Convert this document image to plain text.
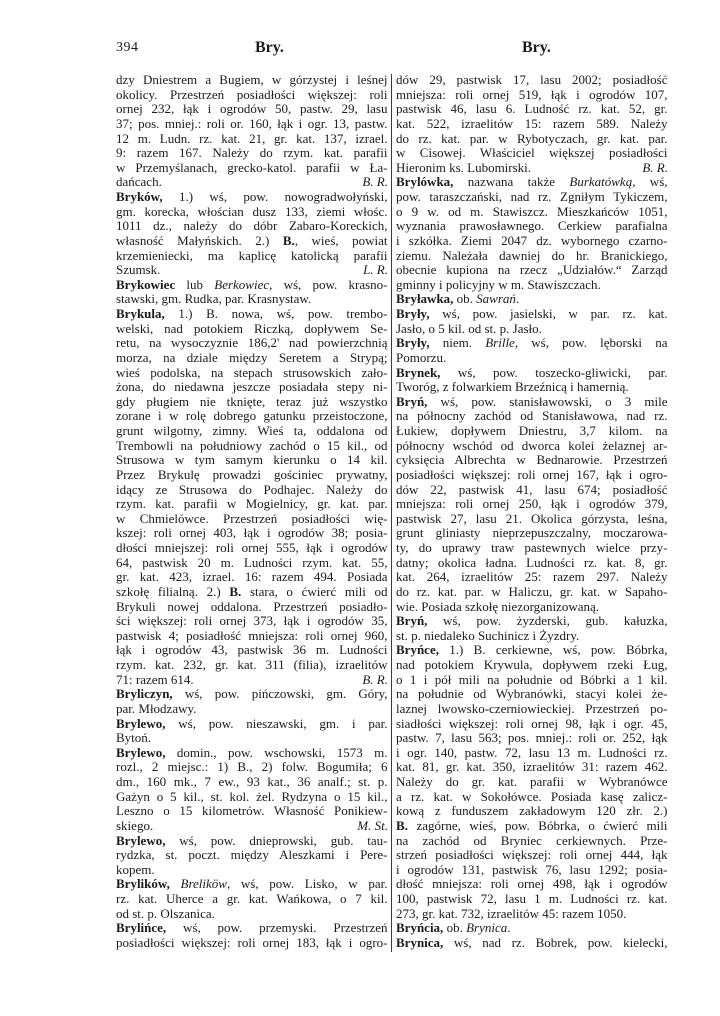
394	Bry.	Bry.
dzy Dniestrem a Bugiem, w górzystej i leśnej
okolicy. Przestrzeń posiadłości większej: roli
ornej 232, łąk i ogrodów 50, pastw. 29, lasu
37; pos. mniej.: roli or. 160, łąk i ogr. 13, pastw.
12 m. Ludn. rz. kat. 21, gr. kat. 137, izrael.
9: razem 167. Należy do rzym. kat. parafii
w Przemyślanach, grecko-katol. parafii w Ła-
dańcach.	B. R.
Bryków, 1.) wś, pow. nowogradwołyński,
gm. korecka, włościan dusz 133, ziemi włośc.
1011 dz., należy do dóbr Zabaro-Koreckich,
własność Małyńskich. 2.) B., wieś, powiat
krzemieniecki, ma kaplicę katolicką parafii
Szumsk.	L. R.
Brykowiec lub Berkowiec, wś, pow. krasno-
stawski, gm. Rudka, par. Krasnystaw.
Brykula, 1.) B. nowa, wś, pow. trembo-
welski, nad potokiem Riczką, dopływem Se-
retu, na wysoczyznie 186,2' nad powierzchnią
morza, na dziale między Seretem a Strypą;
wieś podolska, na stepach strusowskich zało-
żona, do niedawna jeszcze posiadała stepy ni-
gdy pługiem nie tknięte, teraz już wszystko
zorane i w rolę dobrego gatunku przeistoczone,
grunt wilgotny, zimny. Wieś ta, oddalona od
Trembowli na południowy zachód o 15 kil., od
Strusowa w tym samym kierunku o 14 kil.
Przez Brykulę prowadzi gościniec prywatny,
idący ze Strusowa do Podhajec. Należy do
rzym. kat. parafii w Mogielnicy, gr. kat. par.
w Chmielówce. Przestrzeń posiadłości wię-
kszej: roli ornej 403, łąk i ogrodów 38; posia-
dłości mniejszej: roli ornej 555, łąk i ogrodów
64, pastwisk 20 m. Ludności rzym. kat. 55,
gr. kat. 423, izrael. 16: razem 494. Posiada
szkołę filialną. 2.) B. stara, o ćwierć mili od
Brykuli nowej oddalona. Przestrzeń posiadło-
ści większej: roli ornej 373, łąk i ogrodów 35,
pastwisk 4; posiadłość mniejsza: roli ornej 960,
łąk i ogrodów 43, pastwisk 36 m. Ludności
rzym. kat. 232, gr. kat. 311 (filia), izraelitów
71: razem 614.	B. R.
Bryliczyn, wś, pow. pińczowski, gm. Góry,
par. Młodzawy.
Brylewo, wś, pow. nieszawski, gm. i par.
Bytoń.
Brylewo, domin., pow. wschowski, 1573 m.
rozl., 2 miejsc.: 1) B., 2) folw. Bogumiła; 6
dm., 160 mk., 7 ew., 93 kat., 36 analf.; st. p.
Gażyn o 5 kil., st. kol. żel. Rydzyna o 15 kil.,
Leszno o 15 kilometrów. Własność Ponikiew-
skiego.	M. St.
Brylewo, wś, pow. dnieprowski, gub. tau-
rydzka, st. poczt. między Aleszkami i Pere-
kopem.
Brylików, Breliköw, wś, pow. Lisko, w par.
rz. kat. Uherce a gr. kat. Wańkowa, o 7 kil.
od st. p. Olszanica.
Brylińce, wś, pow. przemyski. Przestrzeń
posiadłości większej: roli ornej 183, łąk i ogro-
dów 29, pastwisk 17, lasu 2002; posiadłość
mniejsza: roli ornej 519, łąk i ogrodów 107,
pastwisk 46, lasu 6. Ludność rz. kat. 52, gr.
kat. 522, izraelitów 15: razem 589. Należy
do rz. kat. par. w Rybotyczach, gr. kat. par.
w Cisowej. Właściciel większej posiadłości
Hieronim ks. Lubomirski.	B. R.
Brylówka, nazwana także Burkatówką, wś,
pow. taraszczański, nad rz. Zgniłym Tykiczem,
o 9 w. od m. Stawiszcz. Mieszkańców 1051,
wyznania prawosławnego. Cerkiew parafialna
i szkółka. Ziemi 2047 dz. wybornego czarno-
ziemu. Należała dawniej do hr. Branickiego,
obecnie kupiona na rzecz „Udziałów.“ Zarząd
gminny i policyjny w m. Stawiszczach.
Bryławka, ob. Sawrań.
Bryły, wś, pow. jasielski, w par. rz. kat.
Jasło, o 5 kil. od st. p. Jasło.
Bryły, niem. Brille, wś, pow. lęborski na
Pomorzu.
Brynek, wś, pow. toszecko-gliwicki, par.
Tworóg, z folwarkiem Brzeźnicą i hamernią.
Bryń, wś, pow. stanisławowski, o 3 mile
na północny zachód od Stanisławowa, nad rz.
Łukiew, dopływem Dniestru, 3,7 kilom. na
północny wschód od dworca kolei żelaznej ar-
cyksięcia Albrechta w Bednarowie. Przestrzeń
posiadłości większej: roli ornej 167, łąk i ogro-
dów 22, pastwisk 41, lasu 674; posiadłość
mniejsza: roli ornej 250, łąk i ogrodów 379,
pastwisk 27, lasu 21. Okolica górzysta, leśna,
grunt gliniasty nieprzepuszczalny, moczarowa-
ty, do uprawy traw pastewnych wielce przy-
datny; okolica ładna. Ludności rz. kat. 8, gr.
kat. 264, izraelitów 25: razem 297. Należy
do rz. kat. par. w Haliczu, gr. kat. w Sapaho-
wie. Posiada szkołę niezorganizowaną.
Bryń, wś, pow. żyzderski, gub. kałuzka,
st. p. niedaleko Suchinicz i Żyzdry.
Bryńce, 1.) B. cerkiewne, wś, pow. Bóbrka,
nad potokiem Krywula, dopływem rzeki Ług,
o 1 i pół mili na południe od Bóbrki a 1 kil.
na południe od Wybranówki, stacyi kolei że-
laznej lwowsko-czerniowieckiej. Przestrzeń po-
siadłości większej: roli ornej 98, łąk i ogr. 45,
pastw. 7, lasu 563; pos. mniej.: roli or. 252, łąk
i ogr. 140, pastw. 72, lasu 13 m. Ludności rz.
kat. 81, gr. kat. 350, izraelitów 31: razem 462.
Należy do gr. kat. parafii w Wybranówce
a rz. kat. w Sokołówce. Posiada kasę zalicz-
kową z funduszem zakładowym 120 złr. 2.)
B. zagórne, wieś, pow. Bóbrka, o ćwierć mili
na zachód od Bryniec cerkiewnych. Prze-
strzeń posiadłości większej: roli ornej 444, łąk
i ogrodów 131, pastwisk 76, lasu 1292; posia-
dłość mniejsza: roli ornej 498, łąk i ogrodów
100, pastwisk 72, lasu 1 m. Ludności rz. kat.
273, gr. kat. 732, izraelitów 45: razem 1050.
Bryńcia, ob. Brynica.
Brynica, wś, nad rz. Bobrek, pow. kielecki,
